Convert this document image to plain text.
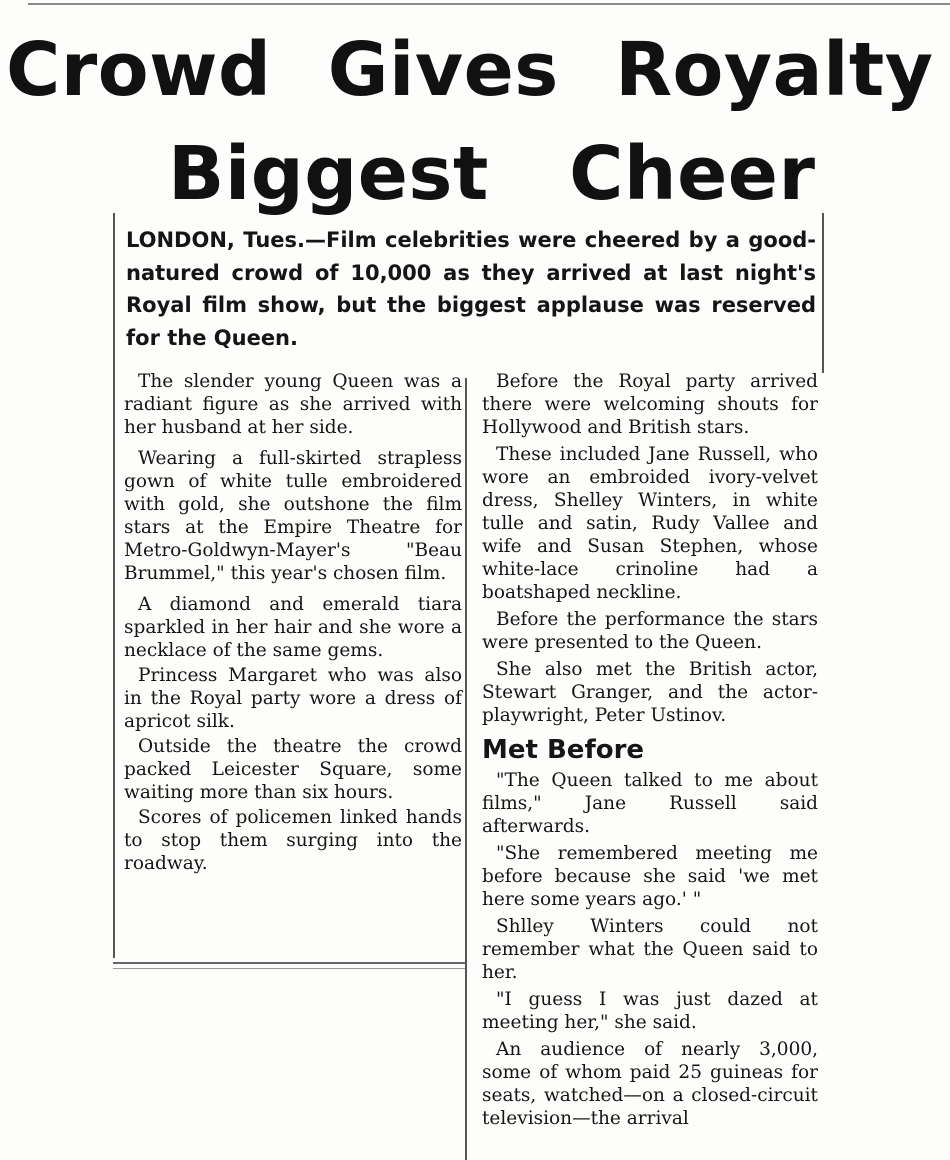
Crowd Gives Royalty
Biggest Cheer

LONDON, Tues.—Film celebrities were cheered by a good-natured crowd of 10,000 as they arrived at last night's Royal film show, but the biggest applause was reserved for the Queen.

The slender young Queen was a radiant figure as she arrived with her husband at her side.

Wearing a full-skirted strapless gown of white tulle embroidered with gold, she outshone the film stars at the Empire Theatre for Metro-Goldwyn-Mayer's "Beau Brummel," this year's chosen film.

A diamond and emerald tiara sparkled in her hair and she wore a necklace of the same gems.

Princess Margaret who was also in the Royal party wore a dress of apricot silk.

Outside the theatre the crowd packed Leicester Square, some waiting more than six hours.

Scores of policemen linked hands to stop them surging into the roadway.

Before the Royal party arrived there were welcoming shouts for Hollywood and British stars.

These included Jane Russell, who wore an embroided ivory-velvet dress, Shelley Winters, in white tulle and satin, Rudy Vallee and wife and Susan Stephen, whose white-lace crinoline had a boatshaped neckline.

Before the performance the stars were presented to the Queen.

She also met the British actor, Stewart Granger, and the actor-playwright, Peter Ustinov.

Met Before

"The Queen talked to me about films," Jane Russell said afterwards.

"She remembered meeting me before because she said 'we met here some years ago.' "

Shlley Winters could not remember what the Queen said to her.

"I guess I was just dazed at meeting her," she said.

An audience of nearly 3,000, some of whom paid 25 guineas for seats, watched—on a closed-circuit television—the arrival
